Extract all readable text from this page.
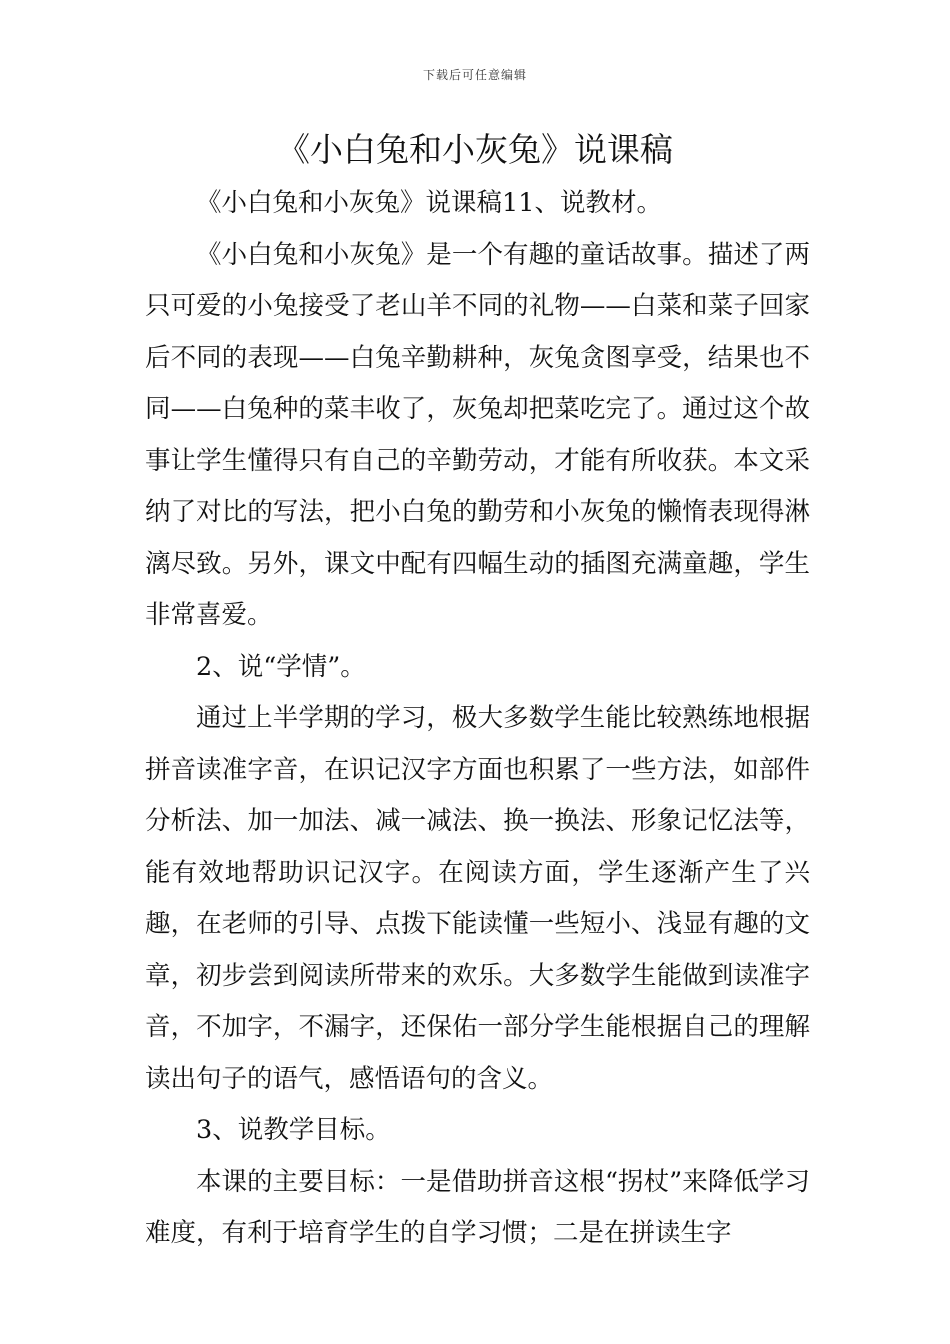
下载后可任意编辑
《小白兔和小灰兔》说课稿

《小白兔和小灰兔》说课稿11、说教材。

《小白兔和小灰兔》是一个有趣的童话故事。描述了两只可爱的小兔接受了老山羊不同的礼物——白菜和菜子回家后不同的表现——白兔辛勤耕种，灰兔贪图享受，结果也不同——白兔种的菜丰收了，灰兔却把菜吃完了。通过这个故事让学生懂得只有自己的辛勤劳动，才能有所收获。本文采纳了对比的写法，把小白兔的勤劳和小灰兔的懒惰表现得淋漓尽致。另外，课文中配有四幅生动的插图充满童趣，学生非常喜爱。

2、说“学情”。

通过上半学期的学习，极大多数学生能比较熟练地根据拼音读准字音，在识记汉字方面也积累了一些方法，如部件分析法、加一加法、减一减法、换一换法、形象记忆法等，能有效地帮助识记汉字。在阅读方面，学生逐渐产生了兴趣，在老师的引导、点拨下能读懂一些短小、浅显有趣的文章，初步尝到阅读所带来的欢乐。大多数学生能做到读准字音，不加字，不漏字，还保佑一部分学生能根据自己的理解读出句子的语气，感悟语句的含义。

3、说教学目标。

本课的主要目标：一是借助拼音这根“拐杖”来降低学习难度，有利于培育学生的自学习惯；二是在拼读生字
